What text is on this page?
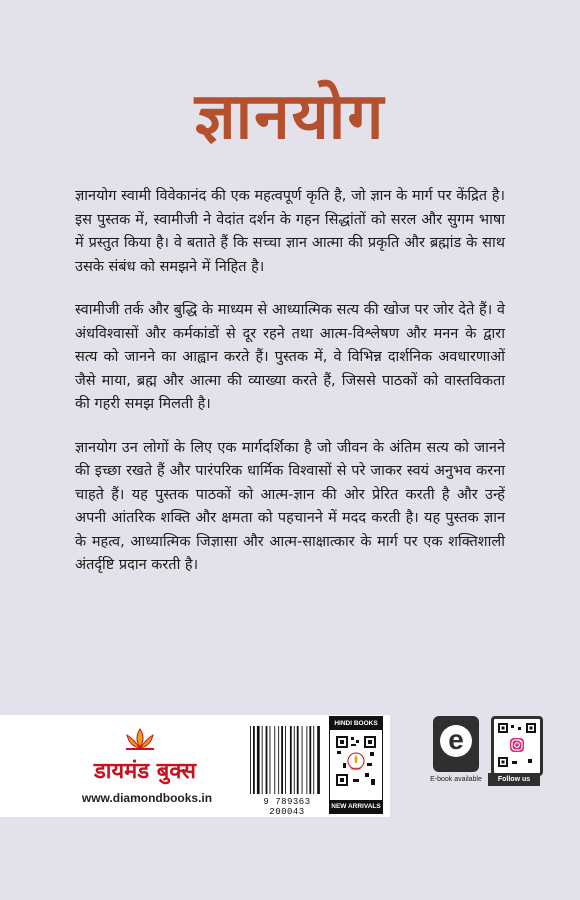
ज्ञानयोग

ज्ञानयोग स्वामी विवेकानंद की एक महत्वपूर्ण कृति है, जो ज्ञान के मार्ग पर केंद्रित है। इस पुस्तक में, स्वामीजी ने वेदांत दर्शन के गहन सिद्धांतों को सरल और सुगम भाषा में प्रस्तुत किया है। वे बताते हैं कि सच्चा ज्ञान आत्मा की प्रकृति और ब्रह्मांड के साथ उसके संबंध को समझने में निहित है।

स्वामीजी तर्क और बुद्धि के माध्यम से आध्यात्मिक सत्य की खोज पर जोर देते हैं। वे अंधविश्वासों और कर्मकांडों से दूर रहने तथा आत्म-विश्लेषण और मनन के द्वारा सत्य को जानने का आह्वान करते हैं। पुस्तक में, वे विभिन्न दार्शनिक अवधारणाओं जैसे माया, ब्रह्म और आत्मा की व्याख्या करते हैं, जिससे पाठकों को वास्तविकता की गहरी समझ मिलती है।

ज्ञानयोग उन लोगों के लिए एक मार्गदर्शिका है जो जीवन के अंतिम सत्य को जानने की इच्छा रखते हैं और पारंपरिक धार्मिक विश्वासों से परे जाकर स्वयं अनुभव करना चाहते हैं। यह पुस्तक पाठकों को आत्म-ज्ञान की ओर प्रेरित करती है और उन्हें अपनी आंतरिक शक्ति और क्षमता को पहचानने में मदद करती है। यह पुस्तक ज्ञान के महत्व, आध्यात्मिक जिज्ञासा और आत्म-साक्षात्कार के मार्ग पर एक शक्तिशाली अंतर्दृष्टि प्रदान करती है।

डायमंड बुक्स
www.diamondbooks.in	9 789363 200043
HINDI BOOKS
HINDI
NEW ARRIVALS
e
E-book available	Follow us
